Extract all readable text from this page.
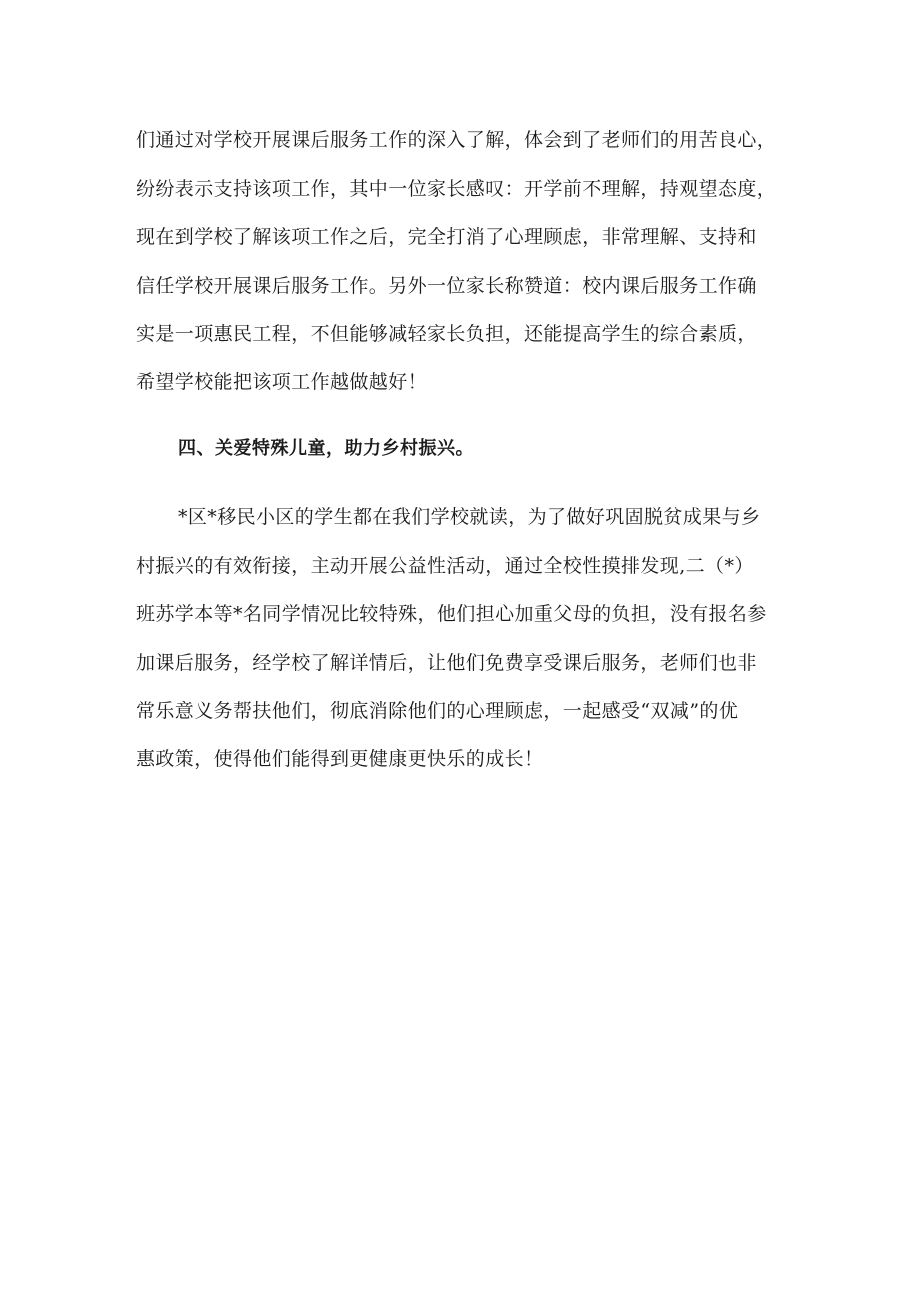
们通过对学校开展课后服务工作的深入了解，体会到了老师们的用苦良心，
纷纷表示支持该项工作，其中一位家长感叹：开学前不理解，持观望态度，
现在到学校了解该项工作之后，完全打消了心理顾虑，非常理解、支持和
信任学校开展课后服务工作。另外一位家长称赞道：校内课后服务工作确
实是一项惠民工程，不但能够减轻家长负担，还能提高学生的综合素质，
希望学校能把该项工作越做越好！
四、关爱特殊儿童，助力乡村振兴。
*区*移民小区的学生都在我们学校就读，为了做好巩固脱贫成果与乡
村振兴的有效衔接，主动开展公益性活动，通过全校性摸排发现,二（*）
班苏学本等*名同学情况比较特殊，他们担心加重父母的负担，没有报名参
加课后服务，经学校了解详情后，让他们免费享受课后服务，老师们也非
常乐意义务帮扶他们，彻底消除他们的心理顾虑，一起感受“双减”的优
惠政策，使得他们能得到更健康更快乐的成长！
